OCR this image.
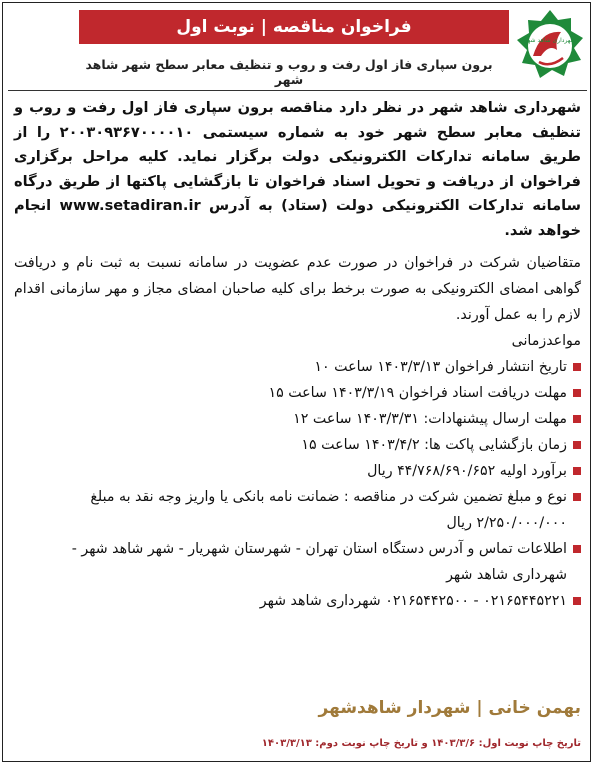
شهرداری شاهد شهر
فراخوان مناقصه | نوبت اول
برون سپاری فاز اول رفت و روب و تنظیف معابر سطح شهر شاهد شهر

شهرداری شاهد شهر در نظر دارد مناقصه برون سپاری فاز اول رفت و روب و تنظیف معابر سطح شهر خود به شماره سیستمی ۲۰۰۳۰۹۳۶۷۰۰۰۰۱۰ را از طریق سامانه تدارکات الکترونیکی دولت برگزار نماید. کلیه مراحل برگزاری فراخوان از دریافت و تحویل اسناد فراخوان تا بازگشایی پاکتها از طریق درگاه سامانه تدارکات الکترونیکی دولت (ستاد) به آدرس www.setadiran.ir انجام خواهد شد.

متقاضیان شرکت در فراخوان در صورت عدم عضویت در سامانه نسبت به ثبت نام و دریافت گواهی امضای الکترونیکی به صورت برخط برای کلیه صاحبان امضای مجاز و مهر سازمانی اقدام لازم را به عمل آورند.

مواعدزمانی

تاریخ انتشار فراخوان ۱۴۰۳/۳/۱۳ ساعت ۱۰
مهلت دریافت اسناد فراخوان ۱۴۰۳/۳/۱۹ ساعت ۱۵
مهلت ارسال پیشنهادات: ۱۴۰۳/۳/۳۱ ساعت ۱۲
زمان بازگشایی پاکت ها: ۱۴۰۳/۴/۲ ساعت ۱۵
برآورد اولیه ۴۴/۷۶۸/۶۹۰/۶۵۲ ریال
نوع و مبلغ تضمین شرکت در مناقصه : ضمانت نامه بانکی یا واریز وجه نقد به مبلغ ۲/۲۵۰/۰۰۰/۰۰۰ ریال
اطلاعات تماس و آدرس دستگاه استان تهران - شهرستان شهریار - شهر شاهد شهر - شهرداری شاهد شهر
۰۲۱۶۵۴۴۵۲۲۱ - ۰۲۱۶۵۴۴۲۵۰۰ شهرداری شاهد شهر
بهمن خانی | شهردار شاهدشهر
تاریخ چاپ نوبت اول: ۱۴۰۳/۳/۶ و تاریخ چاپ نوبت دوم: ۱۴۰۳/۳/۱۳
